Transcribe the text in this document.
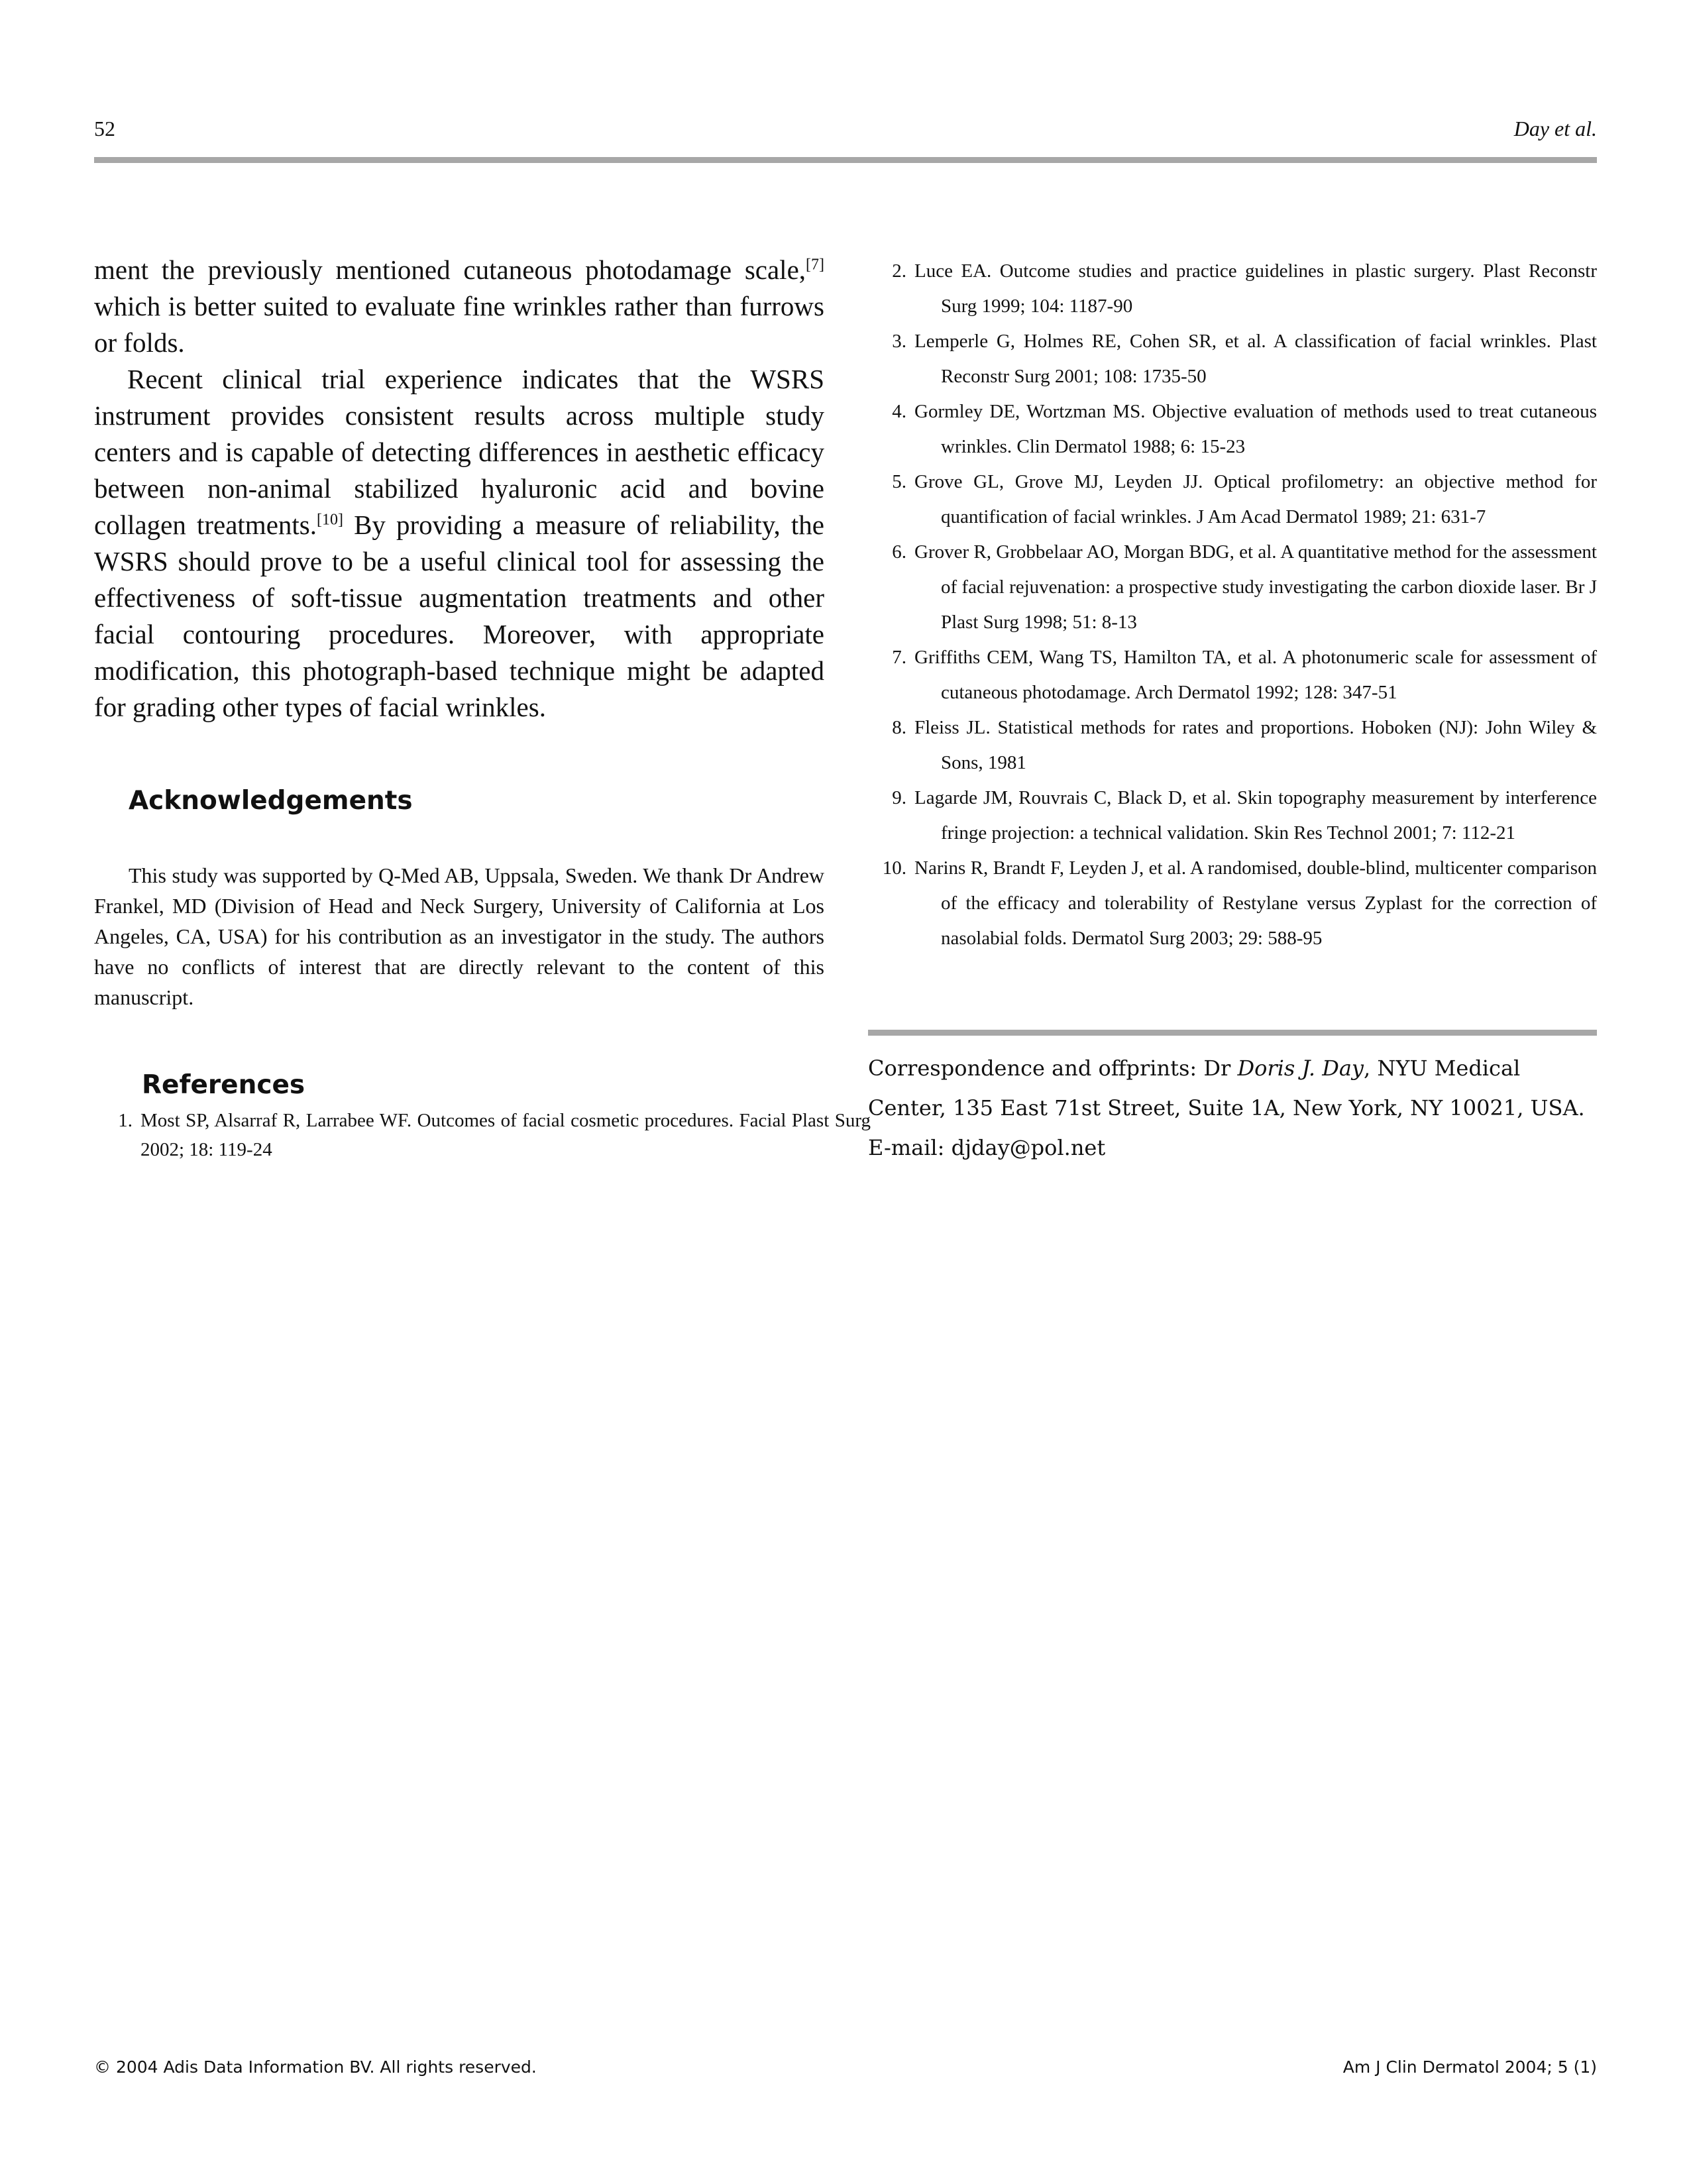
52	Day et al.

ment the previously mentioned cutaneous photodamage scale,[7] which is better suited to evaluate fine wrinkles rather than furrows or folds.

Recent clinical trial experience indicates that the WSRS instrument provides consistent results across multiple study centers and is capable of detecting differences in aesthetic efficacy between non-animal stabilized hyaluronic acid and bovine collagen treatments.[10] By providing a measure of reliability, the WSRS should prove to be a useful clinical tool for assessing the effectiveness of soft-tissue augmentation treatments and other facial contouring procedures. Moreover, with appropriate modification, this photograph-based technique might be adapted for grading other types of facial wrinkles.

Acknowledgements

This study was supported by Q-Med AB, Uppsala, Sweden. We thank Dr Andrew Frankel, MD (Division of Head and Neck Surgery, University of California at Los Angeles, CA, USA) for his contribution as an investigator in the study. The authors have no conflicts of interest that are directly relevant to the content of this manuscript.

References
1. Most SP, Alsarraf R, Larrabee WF. Outcomes of facial cosmetic procedures. Facial Plast Surg 2002; 18: 119-24
2. Luce EA. Outcome studies and practice guidelines in plastic surgery. Plast Reconstr Surg 1999; 104: 1187-90
3. Lemperle G, Holmes RE, Cohen SR, et al. A classification of facial wrinkles. Plast Reconstr Surg 2001; 108: 1735-50
4. Gormley DE, Wortzman MS. Objective evaluation of methods used to treat cutaneous wrinkles. Clin Dermatol 1988; 6: 15-23
5. Grove GL, Grove MJ, Leyden JJ. Optical profilometry: an objective method for quantification of facial wrinkles. J Am Acad Dermatol 1989; 21: 631-7
6. Grover R, Grobbelaar AO, Morgan BDG, et al. A quantitative method for the assessment of facial rejuvenation: a prospective study investigating the carbon dioxide laser. Br J Plast Surg 1998; 51: 8-13
7. Griffiths CEM, Wang TS, Hamilton TA, et al. A photonumeric scale for assessment of cutaneous photodamage. Arch Dermatol 1992; 128: 347-51
8. Fleiss JL. Statistical methods for rates and proportions. Hoboken (NJ): John Wiley & Sons, 1981
9. Lagarde JM, Rouvrais C, Black D, et al. Skin topography measurement by interference fringe projection: a technical validation. Skin Res Technol 2001; 7: 112-21
10. Narins R, Brandt F, Leyden J, et al. A randomised, double-blind, multicenter comparison of the efficacy and tolerability of Restylane versus Zyplast for the correction of nasolabial folds. Dermatol Surg 2003; 29: 588-95

Correspondence and offprints: Dr Doris J. Day, NYU Medical Center, 135 East 71st Street, Suite 1A, New York, NY 10021, USA.
E-mail: djday@pol.net

© 2004 Adis Data Information BV. All rights reserved.	Am J Clin Dermatol 2004; 5 (1)
